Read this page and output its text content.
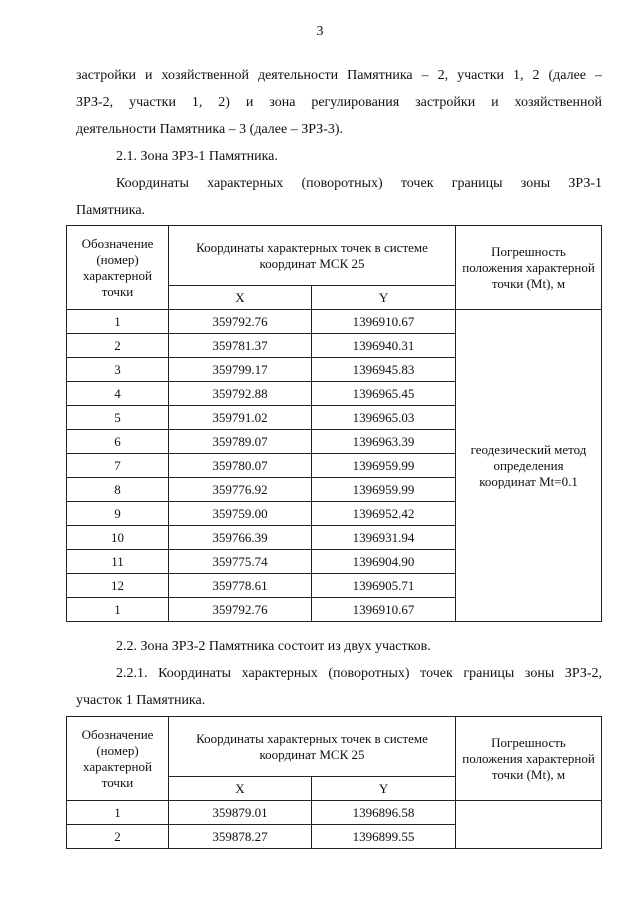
3
застройки и хозяйственной деятельности Памятника – 2, участки 1, 2 (далее –
ЗРЗ-2, участки 1, 2) и зона регулирования застройки и хозяйственной
деятельности Памятника – 3 (далее – ЗРЗ-3).
2.1. Зона ЗРЗ-1 Памятника.
Координаты характерных (поворотных) точек границы зоны ЗРЗ-1
Памятника.
Обозначение (номер) характерной точки	Координаты характерных точек в системе координат МСК 25		Погрешность положения характерной точки (Mt), м
	X	Y	
1	359792.76	1396910.67	геодезический метод определения координат Mt=0.1
2	359781.37	1396940.31	
3	359799.17	1396945.83	
4	359792.88	1396965.45	
5	359791.02	1396965.03	
6	359789.07	1396963.39	
7	359780.07	1396959.99	
8	359776.92	1396959.99	
9	359759.00	1396952.42	
10	359766.39	1396931.94	
11	359775.74	1396904.90	
12	359778.61	1396905.71	
1	359792.76	1396910.67	
2.2. Зона ЗРЗ-2 Памятника состоит из двух участков.
2.2.1. Координаты характерных (поворотных) точек границы зоны ЗРЗ-2,
участок 1 Памятника.
Обозначение (номер) характерной точки	Координаты характерных точек в системе координат МСК 25		Погрешность положения характерной точки (Mt), м
	X	Y	
1	359879.01	1396896.58	
2	359878.27	1396899.55	
